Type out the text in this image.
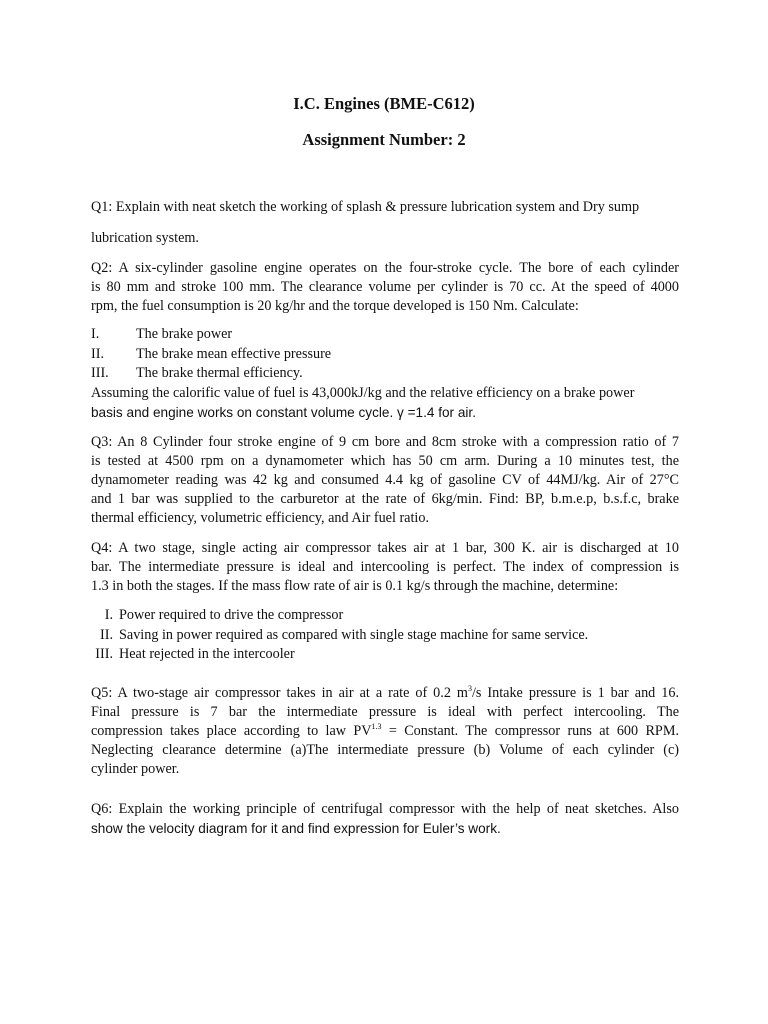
I.C. Engines (BME-C612)
Assignment Number: 2
Q1: Explain with neat sketch the working of splash & pressure lubrication system and Dry sump
lubrication system.
Q2: A six-cylinder gasoline engine operates on the four-stroke cycle. The bore of each cylinder
is 80 mm and stroke 100 mm. The clearance volume per cylinder is 70 cc. At the speed of 4000
rpm, the fuel consumption is 20 kg/hr and the torque developed is 150 Nm. Calculate:
I.	The brake power
II. The brake mean effective pressure
III. The brake thermal efficiency.
Assuming the calorific value of fuel is 43,000kJ/kg and the relative efficiency on a brake power
basis and engine works on constant volume cycle. γ =1.4 for air.
Q3: An 8 Cylinder four stroke engine of 9 cm bore and 8cm stroke with a compression ratio of 7
is tested at 4500 rpm on a dynamometer which has 50 cm arm. During a 10 minutes test, the
dynamometer reading was 42 kg and consumed 4.4 kg of gasoline CV of 44MJ/kg. Air of 27°C
and 1 bar was supplied to the carburetor at the rate of 6kg/min. Find: BP, b.m.e.p, b.s.f.c, brake
thermal efficiency, volumetric efficiency, and Air fuel ratio.
Q4: A two stage, single acting air compressor takes air at 1 bar, 300 K. air is discharged at 10
bar. The intermediate pressure is ideal and intercooling is perfect. The index of compression is
1.3 in both the stages. If the mass flow rate of air is 0.1 kg/s through the machine, determine:
I. Power required to drive the compressor
II. Saving in power required as compared with single stage machine for same service.
III. Heat rejected in the intercooler
Q5: A two-stage air compressor takes in air at a rate of 0.2 $m^3/s$ Intake pressure is 1 bar and 16.
Final pressure is 7 bar the intermediate pressure is ideal with perfect intercooling. The
compression takes place according to law $PV^{1.3}$ = Constant. The compressor runs at 600 RPM.
Neglecting clearance determine (a)The intermediate pressure (b) Volume of each cylinder (c)
cylinder power.
Q6: Explain the working principle of centrifugal compressor with the help of neat sketches. Also
show the velocity diagram for it and find expression for Euler’s work.
